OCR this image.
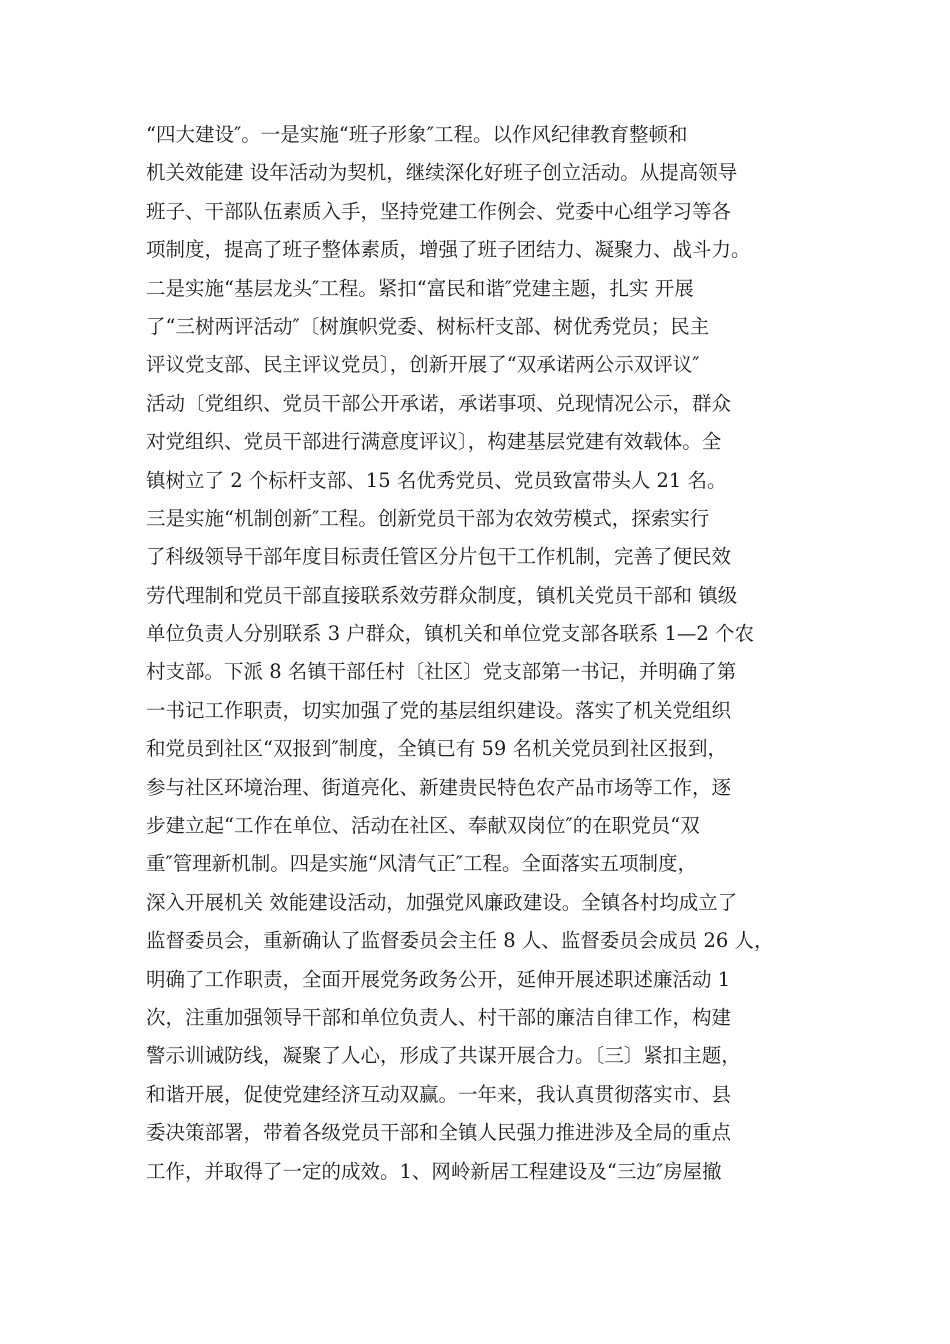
“四大建设″。一是实施“班子形象″工程。以作风纪律教育整顿和
机关效能建 设年活动为契机，继续深化好班子创立活动。从提高领导
班子、干部队伍素质入手，坚持党建工作例会、党委中心组学习等各
项制度，提高了班子整体素质，增强了班子团结力、凝聚力、战斗力。
二是实施“基层龙头″工程。紧扣“富民和谐″党建主题，扎实 开展
了“三树两评活动″〔树旗帜党委、树标杆支部、树优秀党员；民主
评议党支部、民主评议党员〕，创新开展了“双承诺两公示双评议″
活动〔党组织、党员干部公开承诺，承诺事项、兑现情况公示，群众
对党组织、党员干部进行满意度评议〕，构建基层党建有效载体。全
镇树立了 2 个标杆支部、15 名优秀党员、党员致富带头人 21 名。
三是实施“机制创新″工程。创新党员干部为农效劳模式，探索实行
了科级领导干部年度目标责任管区分片包干工作机制，完善了便民效
劳代理制和党员干部直接联系效劳群众制度，镇机关党员干部和 镇级
单位负责人分别联系 3 户群众，镇机关和单位党支部各联系 1—2 个农
村支部。下派 8 名镇干部任村〔社区〕党支部第一书记，并明确了第
一书记工作职责，切实加强了党的基层组织建设。落实了机关党组织
和党员到社区“双报到″制度，全镇已有 59 名机关党员到社区报到，
参与社区环境治理、街道亮化、新建贵民特色农产品市场等工作，逐
步建立起“工作在单位、活动在社区、奉献双岗位″的在职党员“双
重″管理新机制。四是实施“风清气正″工程。全面落实五项制度，
深入开展机关 效能建设活动，加强党风廉政建设。全镇各村均成立了
监督委员会，重新确认了监督委员会主任 8 人、监督委员会成员 26 人，
明确了工作职责，全面开展党务政务公开，延伸开展述职述廉活动 1
次，注重加强领导干部和单位负责人、村干部的廉洁自律工作，构建
警示训诫防线，凝聚了人心，形成了共谋开展合力。〔三〕紧扣主题，
和谐开展，促使党建经济互动双赢。一年来，我认真贯彻落实市、县
委决策部署，带着各级党员干部和全镇人民强力推进涉及全局的重点
工作，并取得了一定的成效。1、网岭新居工程建设及“三边″房屋撤
